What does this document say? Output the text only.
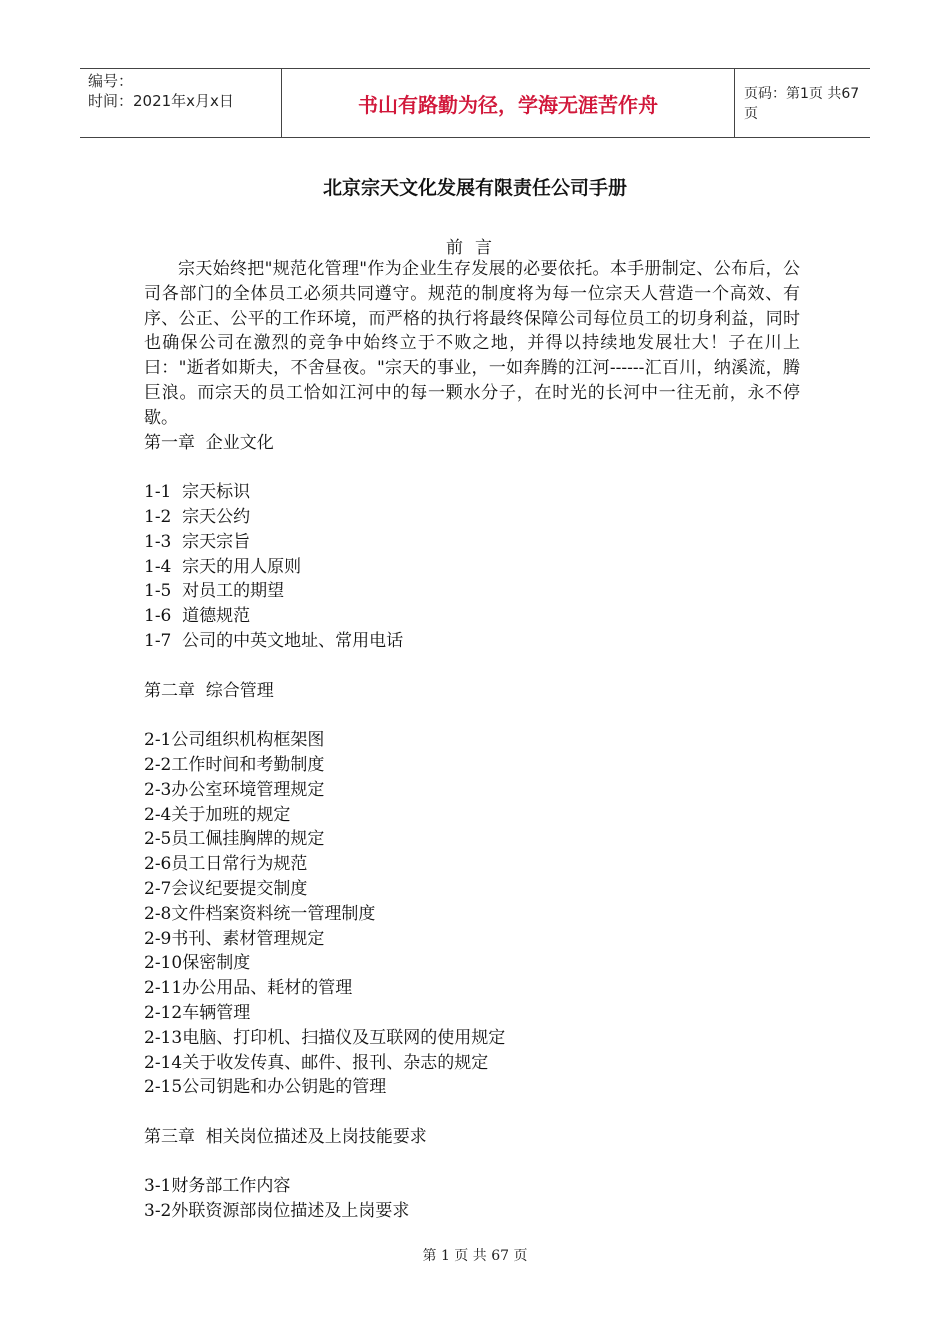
编号：
时间：2021年x月x日	书山有路勤为径，学海无涯苦作舟	页码：第1页 共67页
北京宗天文化发展有限责任公司手册
前言

宗天始终把"规范化管理"作为企业生存发展的必要依托。本手册制定、公布后，公司各部门的全体员工必须共同遵守。规范的制度将为每一位宗天人营造一个高效、有序、公正、公平的工作环境，而严格的执行将最终保障公司每位员工的切身利益，同时也确保公司在激烈的竞争中始终立于不败之地，并得以持续地发展壮大！子在川上曰："逝者如斯夫，不舍昼夜。"宗天的事业，一如奔腾的江河------汇百川，纳溪流，腾巨浪。而宗天的员工恰如江河中的每一颗水分子，在时光的长河中一往无前，永不停歇。

第一章  企业文化

1-1  宗天标识

1-2  宗天公约

1-3  宗天宗旨

1-4  宗天的用人原则

1-5  对员工的期望

1-6  道德规范

1-7  公司的中英文地址、常用电话

第二章  综合管理

2-1公司组织机构框架图

2-2工作时间和考勤制度

2-3办公室环境管理规定

2-4关于加班的规定

2-5员工佩挂胸牌的规定

2-6员工日常行为规范

2-7会议纪要提交制度

2-8文件档案资料统一管理制度

2-9书刊、素材管理规定

2-10保密制度

2-11办公用品、耗材的管理

2-12车辆管理

2-13电脑、打印机、扫描仪及互联网的使用规定

2-14关于收发传真、邮件、报刊、杂志的规定

2-15公司钥匙和办公钥匙的管理

第三章  相关岗位描述及上岗技能要求

3-1财务部工作内容

3-2外联资源部岗位描述及上岗要求

第 1 页 共 67 页
